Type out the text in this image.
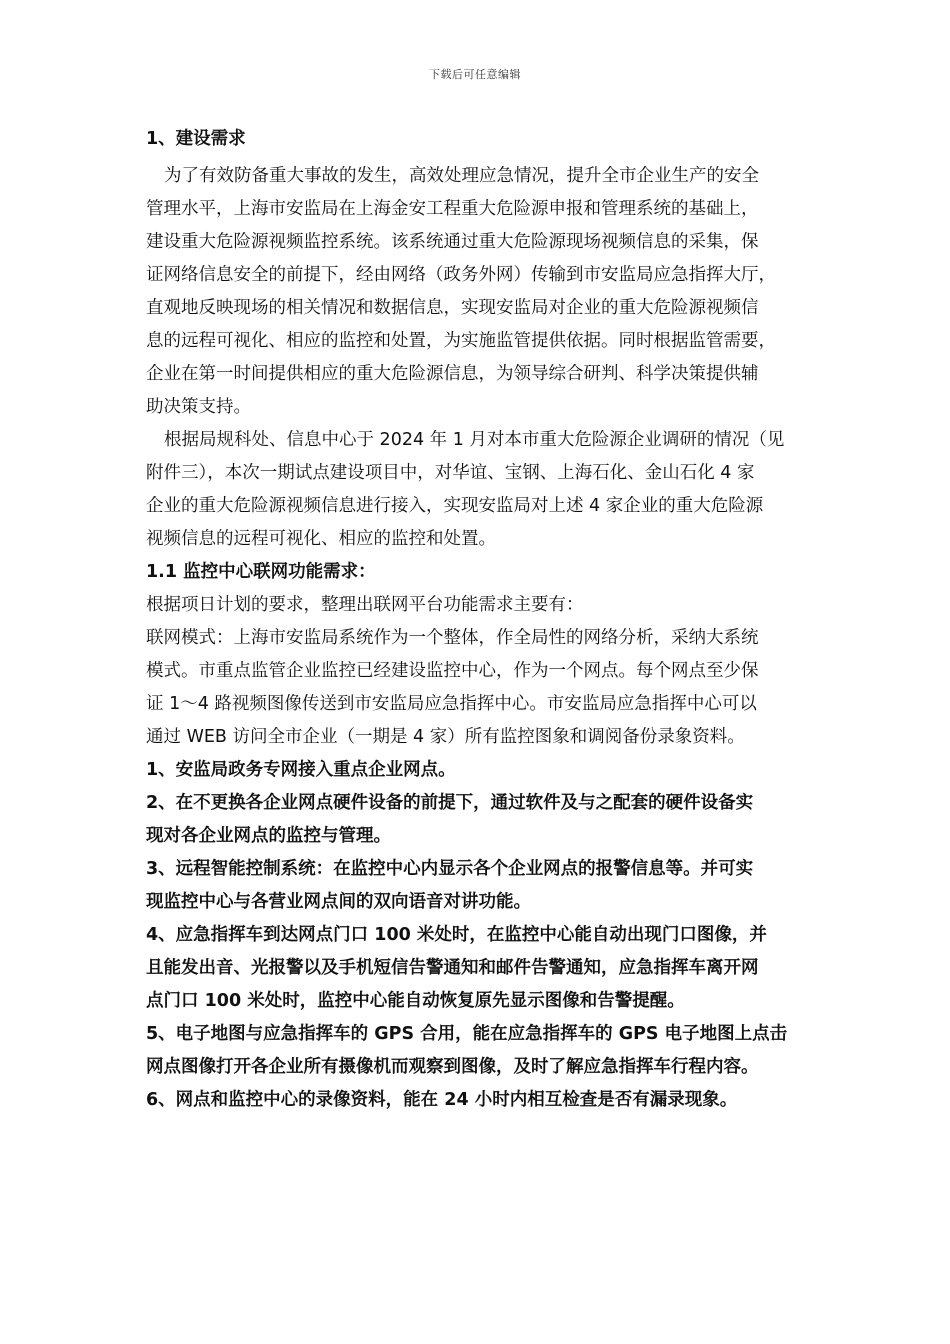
下载后可任意编辑
1、建设需求
为了有效防备重大事故的发生，高效处理应急情况，提升全市企业生产的安全
管理水平，上海市安监局在上海金安工程重大危险源申报和管理系统的基础上，
建设重大危险源视频监控系统。该系统通过重大危险源现场视频信息的采集，保
证网络信息安全的前提下，经由网络（政务外网）传输到市安监局应急指挥大厅，
直观地反映现场的相关情况和数据信息，实现安监局对企业的重大危险源视频信
息的远程可视化、相应的监控和处置，为实施监管提供依据。同时根据监管需要，
企业在第一时间提供相应的重大危险源信息，为领导综合研判、科学决策提供辅
助决策支持。
根据局规科处、信息中心于 2024 年 1 月对本市重大危险源企业调研的情况（见
附件三），本次一期试点建设项目中，对华谊、宝钢、上海石化、金山石化 4 家
企业的重大危险源视频信息进行接入，实现安监局对上述 4 家企业的重大危险源
视频信息的远程可视化、相应的监控和处置。
1.1 监控中心联网功能需求：
根据项日计划的要求，整理出联网平台功能需求主要有：
联网模式：上海市安监局系统作为一个整体，作全局性的网络分析，采纳大系统
模式。市重点监管企业监控已经建设监控中心，作为一个网点。每个网点至少保
证 1～4 路视频图像传送到市安监局应急指挥中心。市安监局应急指挥中心可以
通过 WEB 访问全市企业（一期是 4 家）所有监控图象和调阅备份录象资料。
1、安监局政务专网接入重点企业网点。
2、在不更换各企业网点硬件设备的前提下，通过软件及与之配套的硬件设备实
现对各企业网点的监控与管理。
3、远程智能控制系统：在监控中心内显示各个企业网点的报警信息等。并可实
现监控中心与各营业网点间的双向语音对讲功能。
4、应急指挥车到达网点门口 100 米处时，在监控中心能自动出现门口图像，并
且能发出音、光报警以及手机短信告警通知和邮件告警通知，应急指挥车离开网
点门口 100 米处时，监控中心能自动恢复原先显示图像和告警提醒。
5、电子地图与应急指挥车的 GPS 合用，能在应急指挥车的 GPS 电子地图上点击
网点图像打开各企业所有摄像机而观察到图像，及时了解应急指挥车行程内容。
6、网点和监控中心的录像资料，能在 24 小时内相互检查是否有漏录现象。
